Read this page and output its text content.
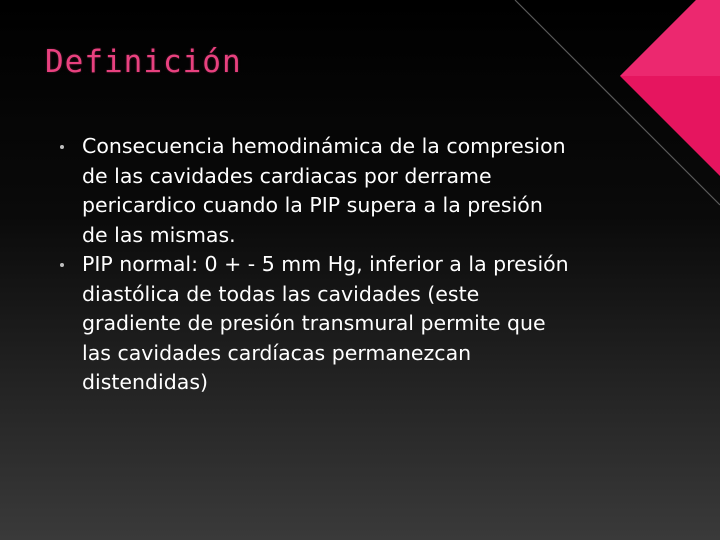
Definición
Consecuencia hemodinámica de la compresion
de las cavidades cardiacas por derrame
pericardico cuando la PIP supera a la presión
de las mismas.
PIP normal: 0 + - 5 mm Hg, inferior a la presión
diastólica de todas las cavidades (este
gradiente de presión transmural permite que
las cavidades cardíacas permanezcan
distendidas)
